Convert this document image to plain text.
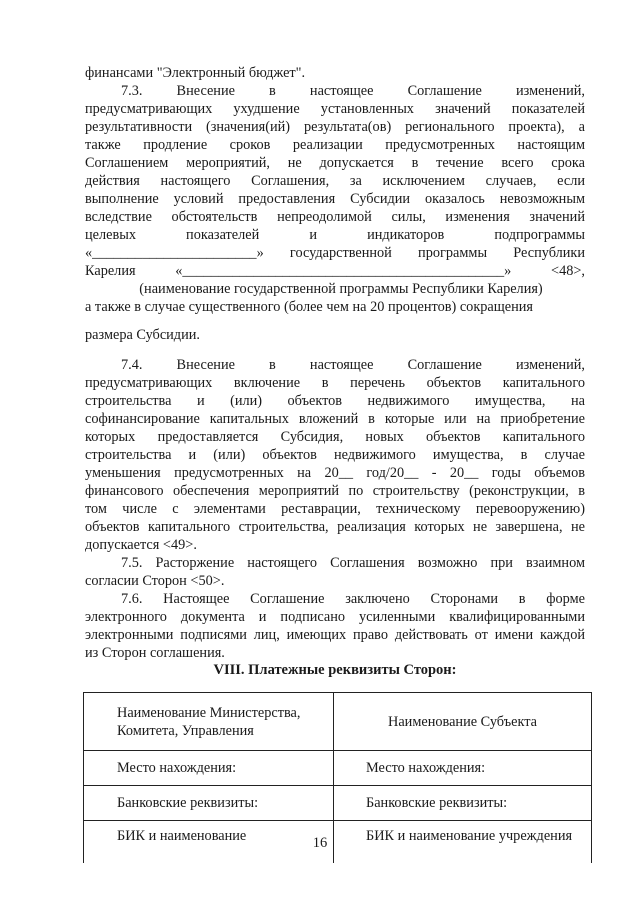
финансами "Электронный бюджет".
7.3. Внесение в настоящее Соглашение изменений,
предусматривающих ухудшение установленных значений показателей
результативности (значения(ий) результата(ов) регионального проекта), а
также продление сроков реализации предусмотренных настоящим
Соглашением мероприятий, не допускается в течение всего срока
действия настоящего Соглашения, за исключением случаев, если
выполнение условий предоставления Субсидии оказалось невозможным
вследствие обстоятельств непреодолимой силы, изменения значений
целевых показателей и индикаторов подпрограммы
«_______________________» государственной программы Республики
Карелия «_____________________________________________» <48>,
(наименование государственной программы Республики Карелия)
а также в случае существенного (более чем на 20 процентов) сокращения
размера Субсидии.
7.4. Внесение в настоящее Соглашение изменений,
предусматривающих включение в перечень объектов капитального
строительства и (или) объектов недвижимого имущества, на
софинансирование капитальных вложений в которые или на приобретение
которых предоставляется Субсидия, новых объектов капитального
строительства и (или) объектов недвижимого имущества, в случае
уменьшения предусмотренных на 20__ год/20__ - 20__ годы объемов
финансового обеспечения мероприятий по строительству (реконструкции, в
том числе с элементами реставрации, техническому перевооружению)
объектов капитального строительства, реализация которых не завершена, не
допускается <49>.
7.5. Расторжение настоящего Соглашения возможно при взаимном
согласии Сторон <50>.
7.6. Настоящее Соглашение заключено Сторонами в форме
электронного документа и подписано усиленными квалифицированными
электронными подписями лиц, имеющих право действовать от имени каждой
из Сторон соглашения.
VIII. Платежные реквизиты Сторон:
Наименование Министерства, Комитета, Управления	Наименование Субъекта
Место нахождения:	Место нахождения:
Банковские реквизиты:	Банковские реквизиты:
БИК и наименование	БИК и наименование учреждения
16
